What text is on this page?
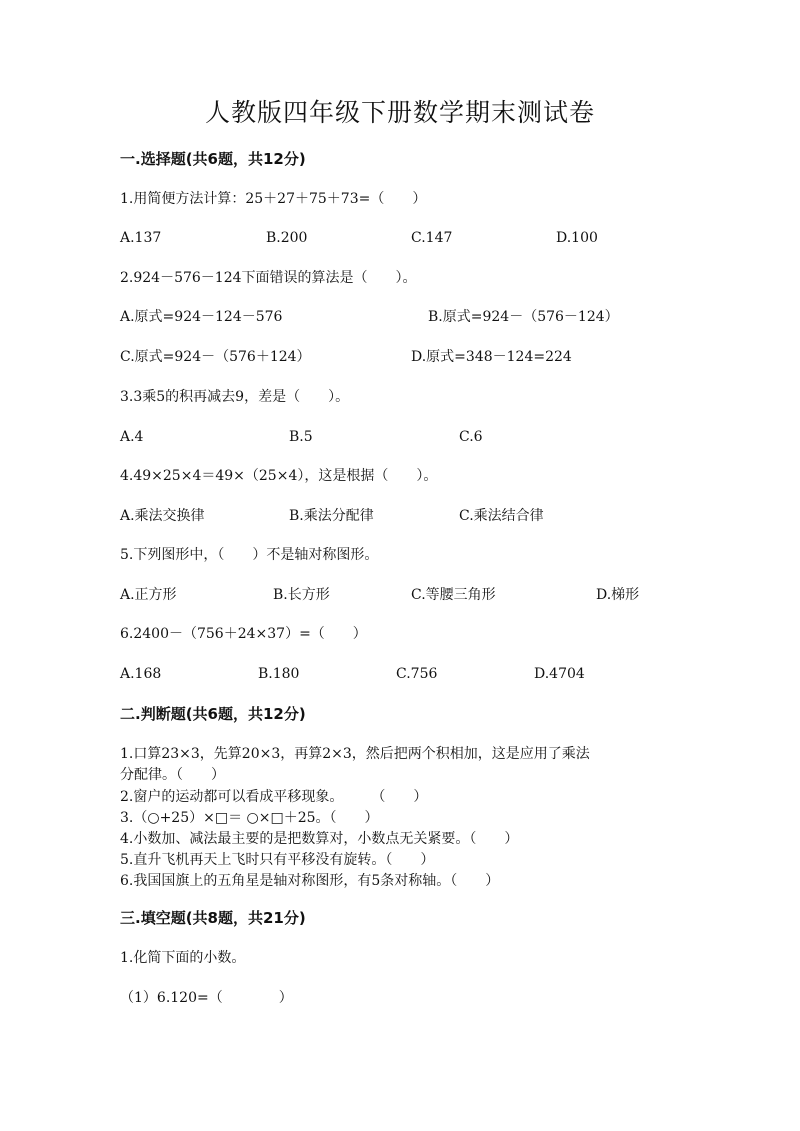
人教版四年级下册数学期末测试卷
一.选择题(共6题，共12分)
1.用简便方法计算：25＋27＋75＋73=（　　）
A.137	B.200	C.147	D.100
2.924－576－124下面错误的算法是（　　）。
A.原式=924－124－576	B.原式=924－（576－124）
C.原式=924－（576＋124）	D.原式=348－124=224
3.3乘5的积再减去9，差是（　　）。
A.4	B.5	C.6
4.49×25×4＝49×（25×4），这是根据（　　）。
A.乘法交换律	B.乘法分配律	C.乘法结合律
5.下列图形中，（　　）不是轴对称图形。
A.正方形	B.长方形	C.等腰三角形	D.梯形
6.2400－（756＋24×37）=（　　）
A.168	B.180	C.756	D.4704
二.判断题(共6题，共12分)
1.口算23×3，先算20×3，再算2×3，然后把两个积相加，这是应用了乘法
分配律。（　　）
2.窗户的运动都可以看成平移现象。　　　（　　）
3.（○+25）×□＝ ○×□＋25。（　　）
4.小数加、减法最主要的是把数算对，小数点无关紧要。（　　）
5.直升飞机再天上飞时只有平移没有旋转。（　　）
6.我国国旗上的五角星是轴对称图形，有5条对称轴。（　　）
三.填空题(共8题，共21分)
1.化简下面的小数。
（1）6.120=（　　　　）
